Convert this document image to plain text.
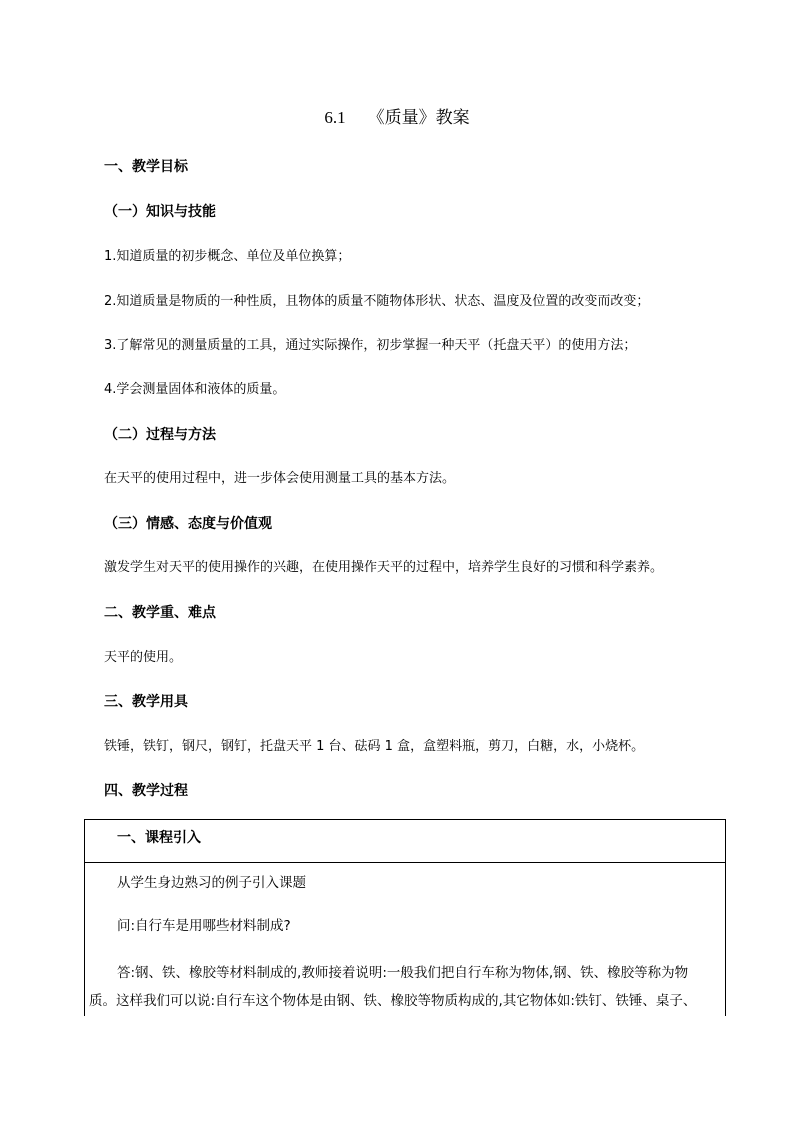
6.1 《质量》教案
一、教学目标
（一）知识与技能
1.知道质量的初步概念、单位及单位换算；
2.知道质量是物质的一种性质，且物体的质量不随物体形状、状态、温度及位置的改变而改变；
3.了解常见的测量质量的工具，通过实际操作，初步掌握一种天平（托盘天平）的使用方法；
4.学会测量固体和液体的质量。
（二）过程与方法
在天平的使用过程中，进一步体会使用测量工具的基本方法。
（三）情感、态度与价值观
激发学生对天平的使用操作的兴趣，在使用操作天平的过程中，培养学生良好的习惯和科学素养。
二、教学重、难点
天平的使用。
三、教学用具
铁锤，铁钉，钢尺，钢钉，托盘天平 1 台、砝码 1 盒，盒塑料瓶，剪刀，白糖，水，小烧杯。
四、教学过程
一、课程引入
从学生身边熟习的例子引入课题
问:自行车是用哪些材料制成?
答:钢、铁、橡胶等材料制成的,教师接着说明:一般我们把自行车称为物体,钢、铁、橡胶等称为物
质。这样我们可以说:自行车这个物体是由钢、铁、橡胶等物质构成的,其它物体如:铁钉、铁锤、桌子、
